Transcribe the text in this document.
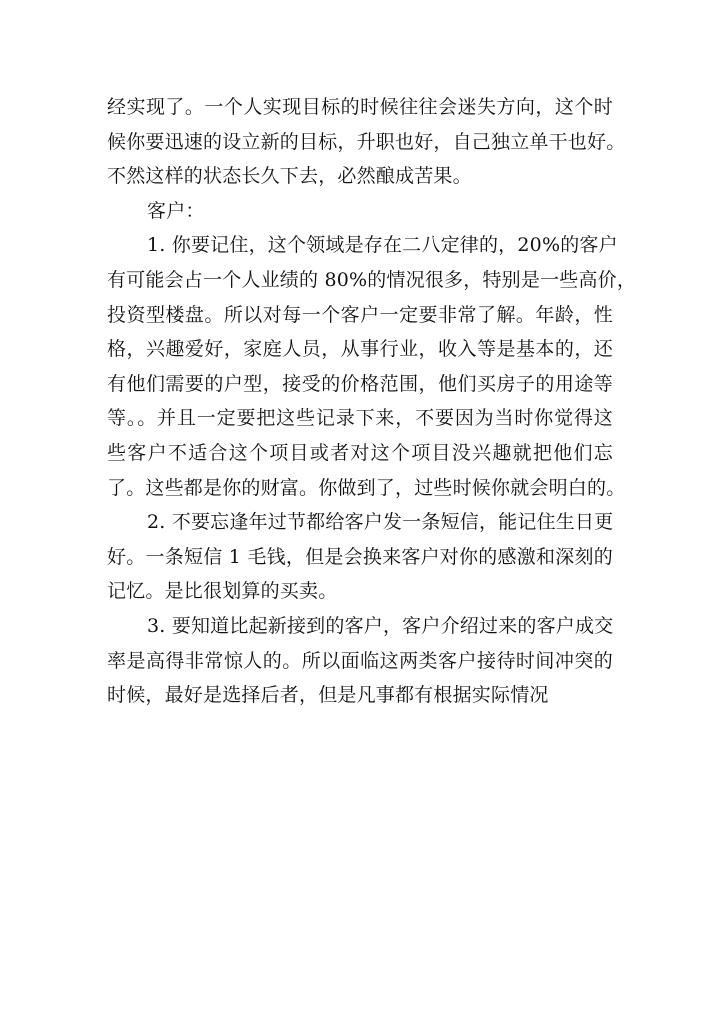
经实现了。一个人实现目标的时候往往会迷失方向，这个时
候你要迅速的设立新的目标，升职也好，自己独立单干也好。
不然这样的状态长久下去，必然酿成苦果。
客户：
1. 你要记住，这个领域是存在二八定律的，20%的客户
有可能会占一个人业绩的 80%的情况很多，特别是一些高价，
投资型楼盘。所以对每一个客户一定要非常了解。年龄，性
格，兴趣爱好，家庭人员，从事行业，收入等是基本的，还
有他们需要的户型，接受的价格范围，他们买房子的用途等
等。。并且一定要把这些记录下来，不要因为当时你觉得这
些客户不适合这个项目或者对这个项目没兴趣就把他们忘
了。这些都是你的财富。你做到了，过些时候你就会明白的。
2. 不要忘逢年过节都给客户发一条短信，能记住生日更
好。一条短信 1 毛钱，但是会换来客户对你的感激和深刻的
记忆。是比很划算的买卖。
3. 要知道比起新接到的客户，客户介绍过来的客户成交
率是高得非常惊人的。所以面临这两类客户接待时间冲突的
时候，最好是选择后者，但是凡事都有根据实际情况
